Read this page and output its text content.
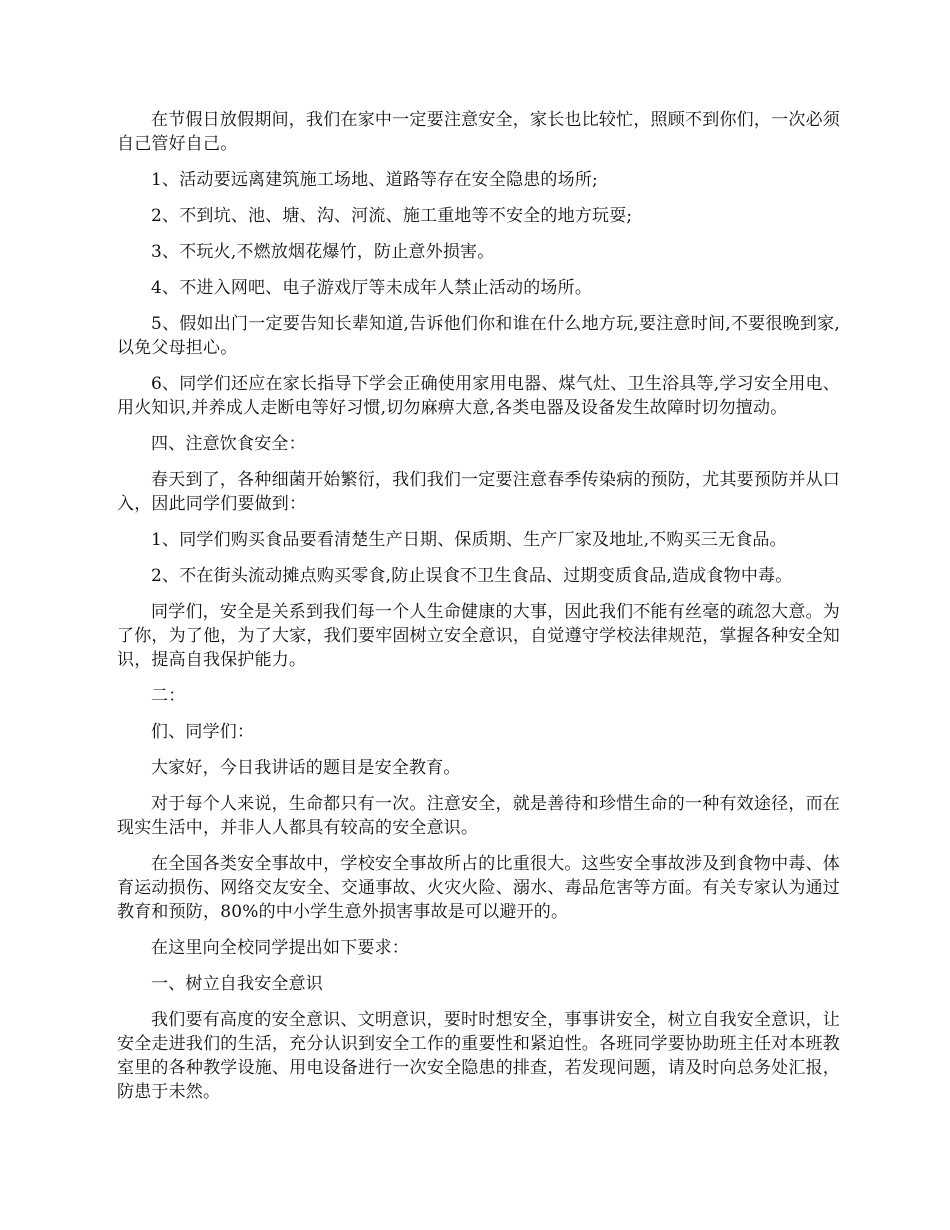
在节假日放假期间，我们在家中一定要注意安全，家长也比较忙，照顾不到你们，一次必须自己管好自己。

1、活动要远离建筑施工场地、道路等存在安全隐患的场所;

2、不到坑、池、塘、沟、河流、施工重地等不安全的地方玩耍;

3、不玩火,不燃放烟花爆竹，防止意外损害。

4、不进入网吧、电子游戏厅等未成年人禁止活动的场所。

5、假如出门一定要告知长辈知道,告诉他们你和谁在什么地方玩,要注意时间,不要很晚到家,以免父母担心。

6、同学们还应在家长指导下学会正确使用家用电器、煤气灶、卫生浴具等,学习安全用电、用火知识,并养成人走断电等好习惯,切勿麻痹大意,各类电器及设备发生故障时切勿擅动。

四、注意饮食安全：

春天到了，各种细菌开始繁衍，我们我们一定要注意春季传染病的预防，尤其要预防并从口入，因此同学们要做到：

1、同学们购买食品要看清楚生产日期、保质期、生产厂家及地址,不购买三无食品。

2、不在街头流动摊点购买零食,防止误食不卫生食品、过期变质食品,造成食物中毒。

同学们，安全是关系到我们每一个人生命健康的大事，因此我们不能有丝毫的疏忽大意。为了你，为了他，为了大家，我们要牢固树立安全意识，自觉遵守学校法律规范，掌握各种安全知识，提高自我保护能力。

二：

们、同学们：

大家好，今日我讲话的题目是安全教育。

对于每个人来说，生命都只有一次。注意安全，就是善待和珍惜生命的一种有效途径，而在现实生活中，并非人人都具有较高的安全意识。

在全国各类安全事故中，学校安全事故所占的比重很大。这些安全事故涉及到食物中毒、体育运动损伤、网络交友安全、交通事故、火灾火险、溺水、毒品危害等方面。有关专家认为通过教育和预防，80%的中小学生意外损害事故是可以避开的。

在这里向全校同学提出如下要求：

一、树立自我安全意识

我们要有高度的安全意识、文明意识，要时时想安全，事事讲安全，树立自我安全意识，让安全走进我们的生活，充分认识到安全工作的重要性和紧迫性。各班同学要协助班主任对本班教室里的各种教学设施、用电设备进行一次安全隐患的排查，若发现问题，请及时向总务处汇报，防患于未然。
